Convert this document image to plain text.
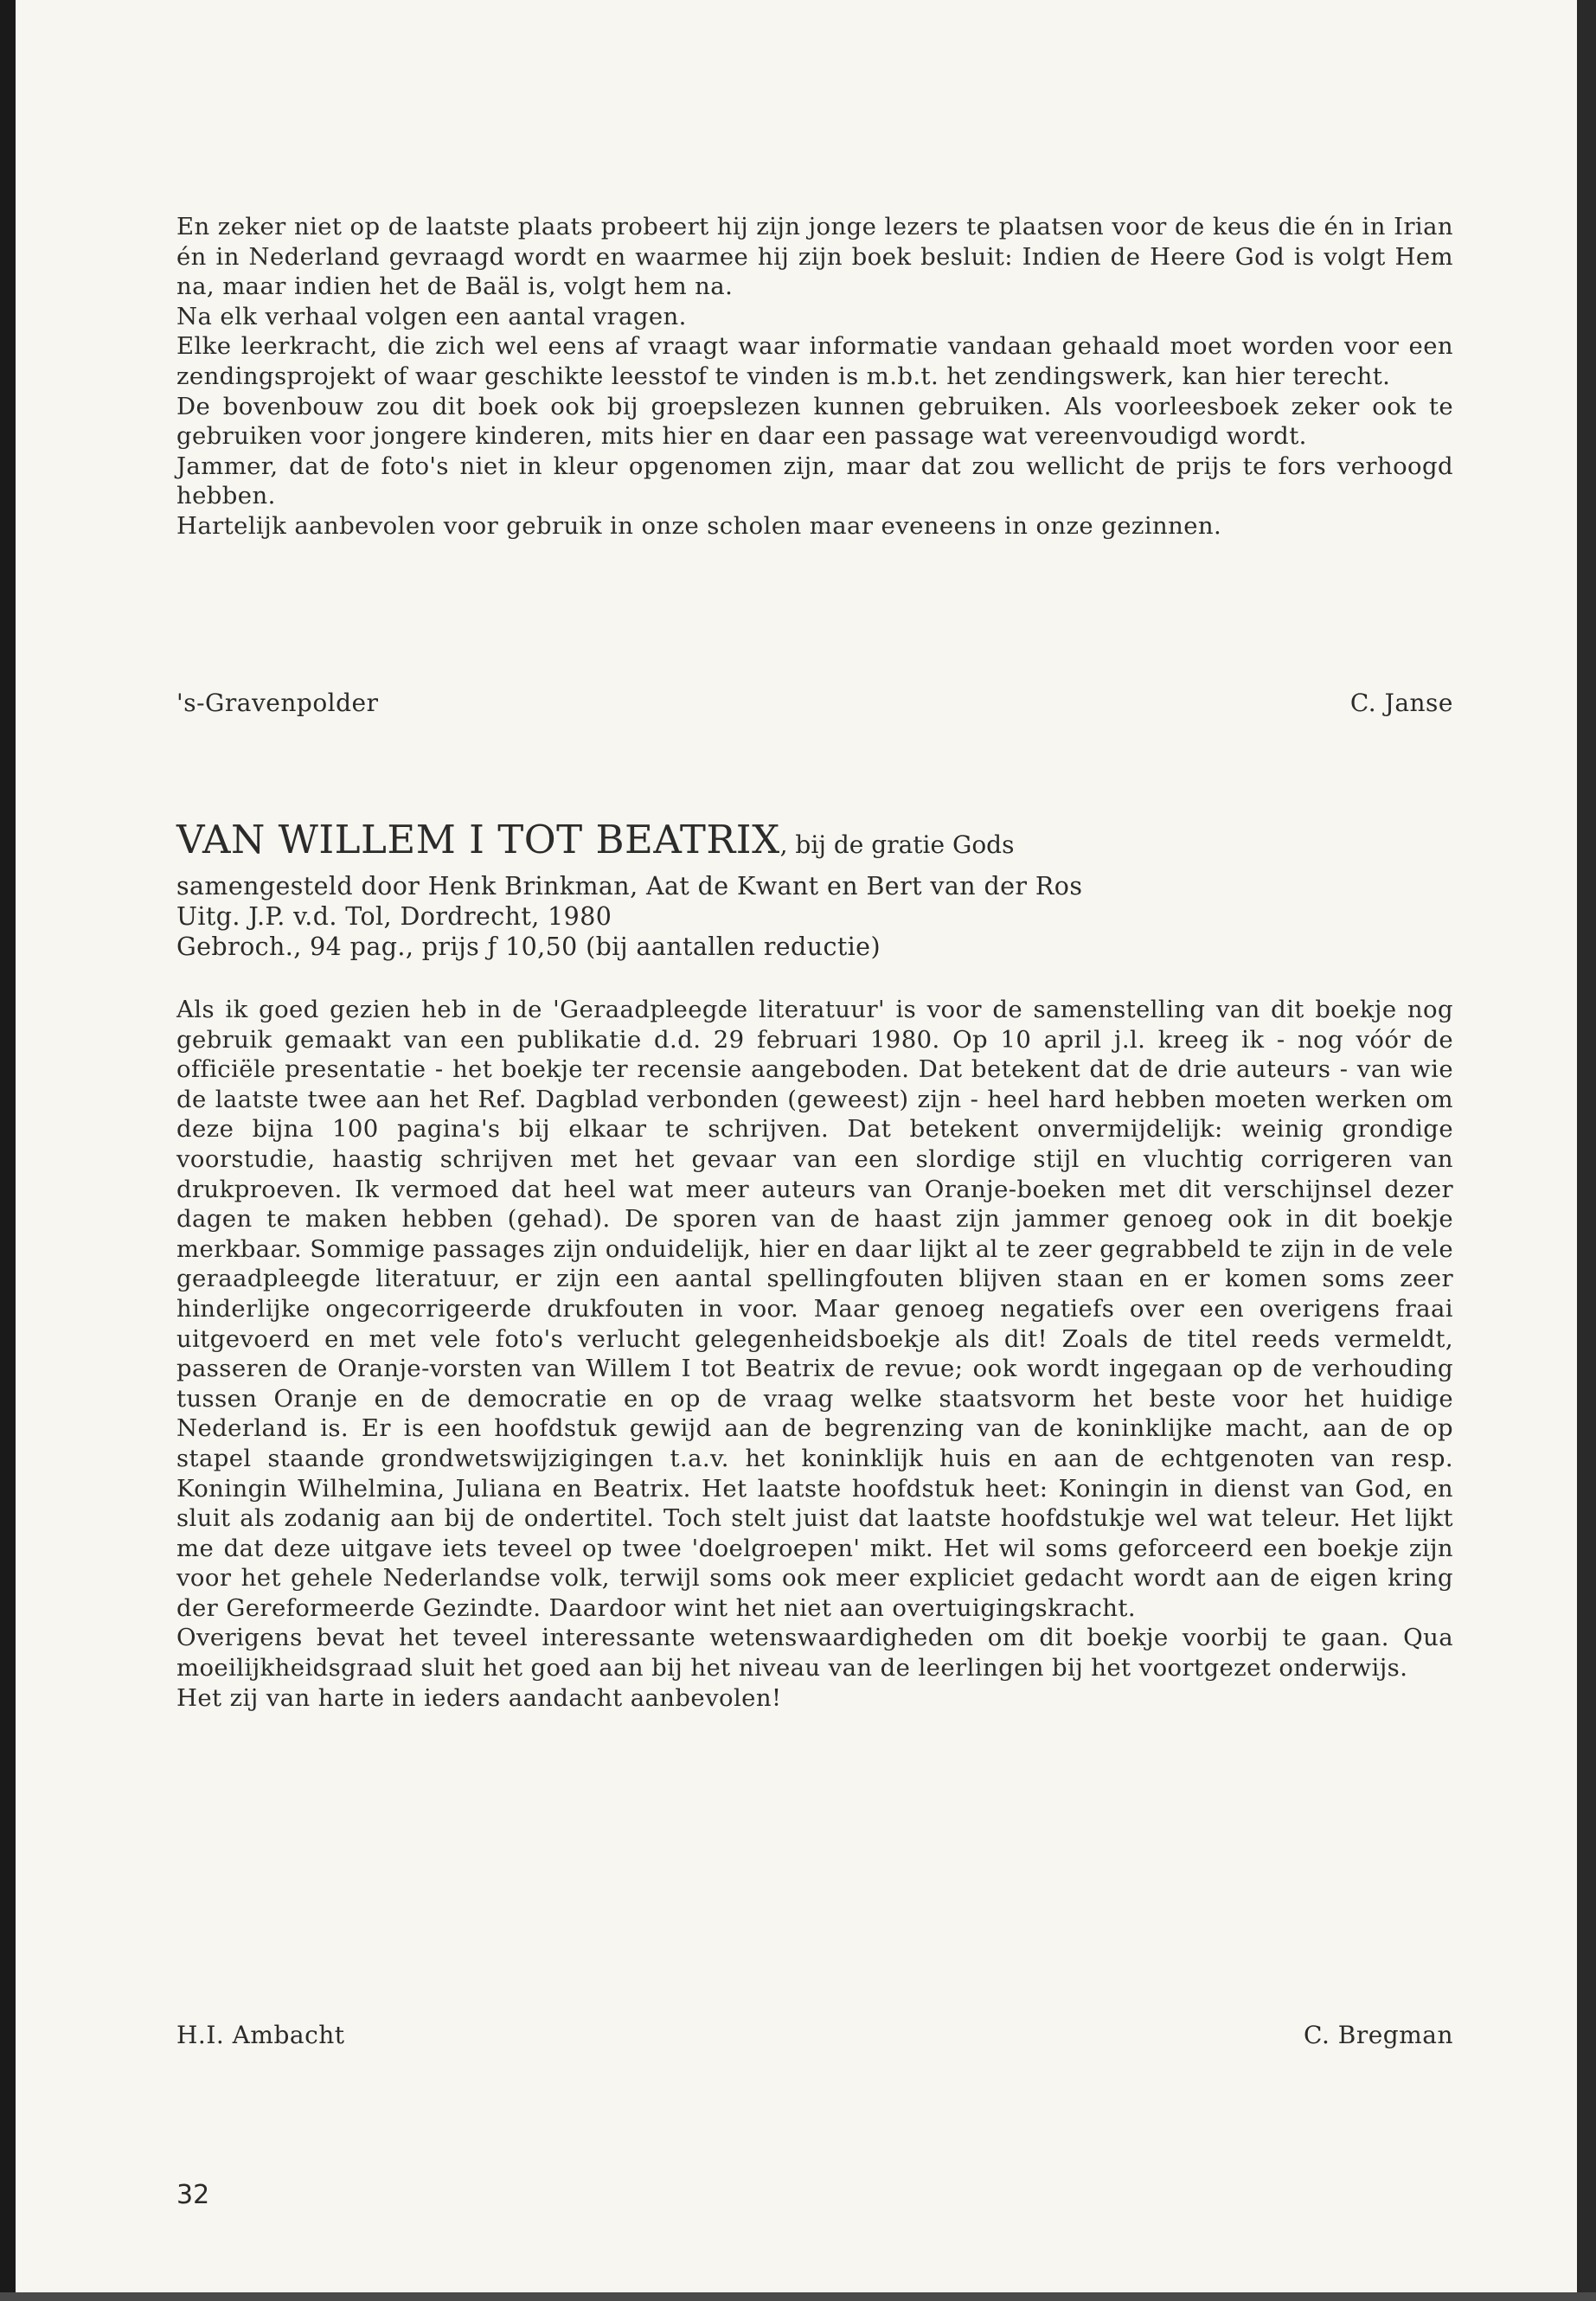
En zeker niet op de laatste plaats probeert hij zijn jonge lezers te plaatsen voor de keus die én in Irian én in Nederland gevraagd wordt en waarmee hij zijn boek besluit: Indien de Heere God is volgt Hem na, maar indien het de Baäl is, volgt hem na.

Na elk verhaal volgen een aantal vragen.

Elke leerkracht, die zich wel eens af vraagt waar informatie vandaan gehaald moet worden voor een zendingsprojekt of waar geschikte leesstof te vinden is m.b.t. het zendingswerk, kan hier terecht.

De bovenbouw zou dit boek ook bij groepslezen kunnen gebruiken. Als voorleesboek zeker ook te gebruiken voor jongere kinderen, mits hier en daar een passage wat vereenvoudigd wordt.

Jammer, dat de foto's niet in kleur opgenomen zijn, maar dat zou wellicht de prijs te fors verhoogd hebben.

Hartelijk aanbevolen voor gebruik in onze scholen maar eveneens in onze gezinnen.

's-Gravenpolder	C. Janse
VAN WILLEM I TOT BEATRIX, bij de gratie Gods

samengesteld door Henk Brinkman, Aat de Kwant en Bert van der Ros

Uitg. J.P. v.d. Tol, Dordrecht, 1980

Gebroch., 94 pag., prijs ƒ 10,50 (bij aantallen reductie)

Als ik goed gezien heb in de 'Geraadpleegde literatuur' is voor de samenstelling van dit boekje nog gebruik gemaakt van een publikatie d.d. 29 februari 1980. Op 10 april j.l. kreeg ik - nog vóór de officiële presentatie - het boekje ter recensie aangeboden. Dat betekent dat de drie auteurs - van wie de laatste twee aan het Ref. Dagblad verbonden (geweest) zijn - heel hard hebben moeten werken om deze bijna 100 pagina's bij elkaar te schrijven. Dat betekent onvermijdelijk: weinig grondige voorstudie, haastig schrijven met het gevaar van een slordige stijl en vluchtig corrigeren van drukproeven. Ik vermoed dat heel wat meer auteurs van Oranje-boeken met dit verschijnsel dezer dagen te maken hebben (gehad). De sporen van de haast zijn jammer genoeg ook in dit boekje merkbaar. Sommige passages zijn onduidelijk, hier en daar lijkt al te zeer gegrabbeld te zijn in de vele geraadpleegde literatuur, er zijn een aantal spellingfouten blijven staan en er komen soms zeer hinderlijke ongecorrigeerde drukfouten in voor. Maar genoeg negatiefs over een overigens fraai uitgevoerd en met vele foto's verlucht gelegenheidsboekje als dit! Zoals de titel reeds vermeldt, passeren de Oranje-vorsten van Willem I tot Beatrix de revue; ook wordt ingegaan op de verhouding tussen Oranje en de democratie en op de vraag welke staatsvorm het beste voor het huidige Nederland is. Er is een hoofdstuk gewijd aan de begrenzing van de koninklijke macht, aan de op stapel staande grondwetswijzigingen t.a.v. het koninklijk huis en aan de echtgenoten van resp. Koningin Wilhelmina, Juliana en Beatrix. Het laatste hoofdstuk heet: Koningin in dienst van God, en sluit als zodanig aan bij de ondertitel. Toch stelt juist dat laatste hoofdstukje wel wat teleur. Het lijkt me dat deze uitgave iets teveel op twee 'doelgroepen' mikt. Het wil soms geforceerd een boekje zijn voor het gehele Nederlandse volk, terwijl soms ook meer expliciet gedacht wordt aan de eigen kring der Gereformeerde Gezindte. Daardoor wint het niet aan overtuigingskracht.

Overigens bevat het teveel interessante wetenswaardigheden om dit boekje voorbij te gaan. Qua moeilijkheidsgraad sluit het goed aan bij het niveau van de leerlingen bij het voortgezet onderwijs.

Het zij van harte in ieders aandacht aanbevolen!

H.I. Ambacht	C. Bregman
32
